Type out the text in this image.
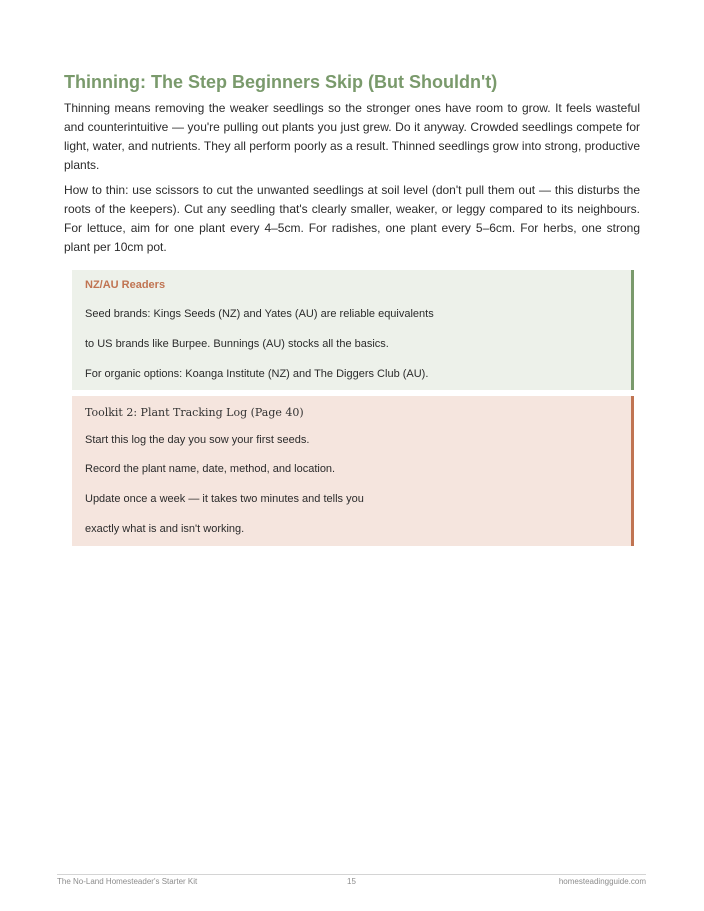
Thinning: The Step Beginners Skip (But Shouldn't)

Thinning means removing the weaker seedlings so the stronger ones have room to grow. It feels wasteful and counterintuitive — you're pulling out plants you just grew. Do it anyway. Crowded seedlings compete for light, water, and nutrients. They all perform poorly as a result. Thinned seedlings grow into strong, productive plants.

How to thin: use scissors to cut the unwanted seedlings at soil level (don't pull them out — this disturbs the roots of the keepers). Cut any seedling that's clearly smaller, weaker, or leggy compared to its neighbours. For lettuce, aim for one plant every 4–5cm. For radishes, one plant every 5–6cm. For herbs, one strong plant per 10cm pot.

NZ/AU Readers

Seed brands: Kings Seeds (NZ) and Yates (AU) are reliable equivalents

to US brands like Burpee. Bunnings (AU) stocks all the basics.

For organic options: Koanga Institute (NZ) and The Diggers Club (AU).

Toolkit 2: Plant Tracking Log (Page 40)

Start this log the day you sow your first seeds.

Record the plant name, date, method, and location.

Update once a week — it takes two minutes and tells you

exactly what is and isn't working.

The No-Land Homesteader's Starter Kit	15	homesteadingguide.com
